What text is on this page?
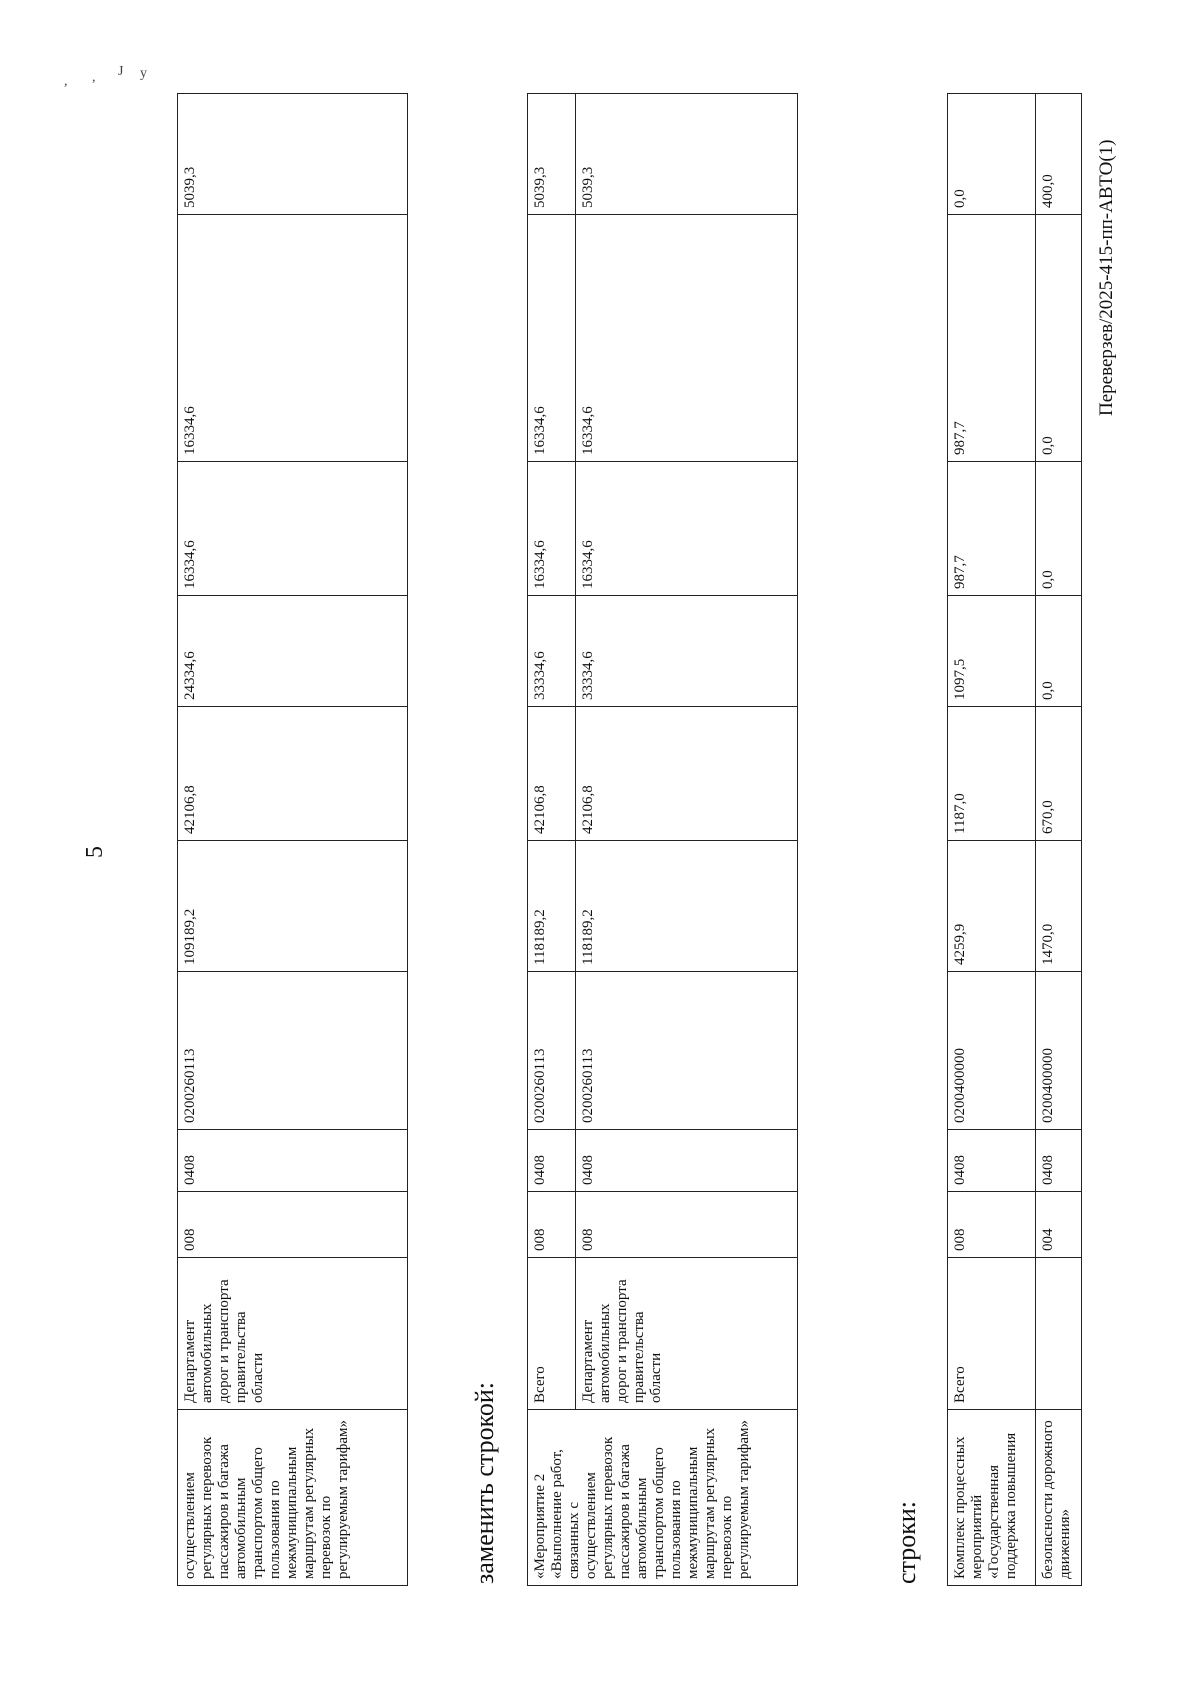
, , J y
5
осуществлением регулярных перевозок пассажиров и багажа автомобильным транспортом общего пользования по межмуниципальным маршрутам регулярных перевозок по регулируемым тарифам»	Департамент автомобильных дорог и транспорта правительства области	008	0408	0200260113	109189,2	42106,8	24334,6	16334,6	16334,6	5039,3	
заменить строкой: «Мероприятие 2 «Выполнение работ, связанных с осуществлением регулярных перевозок пассажиров и багажа автомобильным транспортом общего пользования по межмуниципальным маршрутам регулярных перевозок по регулируемым тарифам»	Всего	008	0408	0200260113	118189,2	42106,8	33334,6	16334,6	16334,6	5039,3	
	Департамент автомобильных дорог и транспорта правительства области	008	0408	0200260113	118189,2	42106,8	33334,6	16334,6	16334,6	5039,3	
строки: Комплекс процессных мероприятий «Государственная поддержка повышения	Всего	008	0408	0200400000	4259,9	1187,0	1097,5	987,7	987,7	0,0	
безопасности дорожного движения»		004	0408	0200400000	1470,0	670,0	0,0	0,0	0,0	400,0	Переверзев/2025-415-пп-АВТО(1)
